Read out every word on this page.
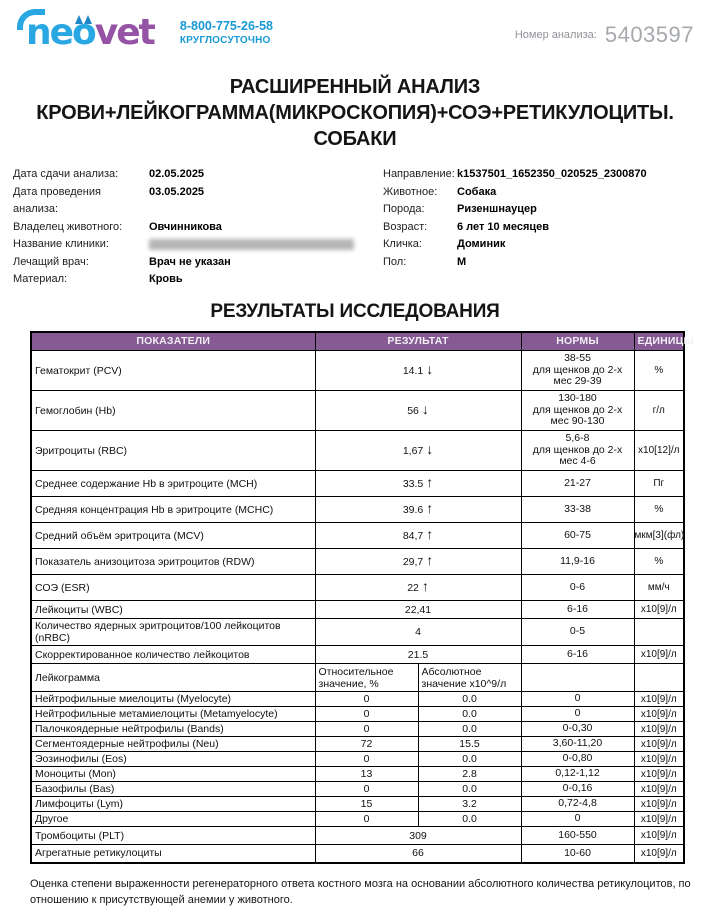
neovet 8-800-775-26-58
КРУГЛОСУТОЧНО	Номер анализа: 5403597
РАСШИРЕННЫЙ АНАЛИЗ
КРОВИ+ЛЕЙКОГРАММА(МИКРОСКОПИЯ)+СОЭ+РЕТИКУЛОЦИТЫ.
СОБАКИ
Дата сдачи анализа:	02.05.2025
Дата проведения анализа:
03.05.2025
Владелец животного:	Овчинникова
Название клиники:
Лечащий врач:	Врач не указан
Материал:	Кровь
Направление: k1537501_1652350_020525_2300870
Животное:	Собака
Порода:	Ризеншнауцер
Возраст:	6 лет 10 месяцев
Кличка:	Доминик
Пол:	М
РЕЗУЛЬТАТЫ ИССЛЕДОВАНИЯ
ПОКАЗАТЕЛИ	РЕЗУЛЬТАТ		НОРМЫ	ЕДИНИЦЫ
Гематокрит (PCV)	14.1 ↓		38-55
для щенков до 2-х
мес 29-39	%
Гемоглобин (Hb)	56 ↓		130-180
для щенков до 2-х
мес 90-130	г/л
Эритроциты (RBC)	1,67 ↓		5,6-8
для щенков до 2-х
мес 4-6	x10[12]/л
Среднее содержание Hb в эритроците (MCH)	33.5 ↑		21-27	Пг
Средняя концентрация Hb в эритроците (MCHC)	39.6 ↑		33-38	%
Средний объём эритроцита (MCV)	84,7 ↑		60-75	мкм[3](фл)
Показатель анизоцитоза эритроцитов (RDW)	29,7 ↑		11,9-16	%
СОЭ (ESR)	22 ↑		0-6	мм/ч
Лейкоциты (WBC)	22,41		6-16	x10[9]/л
Количество ядерных эритроцитов/100 лейкоцитов (nRBC)	4		0-5	
Скорректированное количество лейкоцитов	21.5		6-16	x10[9]/л
Лейкограмма	Относительное значение, %	Абсолютное значение x10^9/л		
Нейтрофильные миелоциты (Myelocyte)	0	0.0	0	x10[9]/л
Нейтрофильные метамиелоциты (Metamyelocyte)	0	0.0	0	x10[9]/л
Палочкоядерные нейтрофилы (Bands)	0	0.0	0-0,30	x10[9]/л
Сегментоядерные нейтрофилы (Neu)	72	15.5	3,60-11,20	x10[9]/л
Эозинофилы (Eos)	0	0.0	0-0,80	x10[9]/л
Моноциты (Mon)	13	2.8	0,12-1,12	x10[9]/л
Базофилы (Bas)	0	0.0	0-0,16	x10[9]/л
Лимфоциты (Lym)	15	3.2	0,72-4,8	x10[9]/л
Другое	0	0.0	0	x10[9]/л
Тромбоциты (PLT)	309		160-550	x10[9]/л
Агрегатные ретикулоциты	66		10-60	x10[9]/л
Оценка степени выраженности регенераторного ответа костного мозга на основании абсолютного количества ретикулоцитов, по отношению к присутствующей анемии у животного.
